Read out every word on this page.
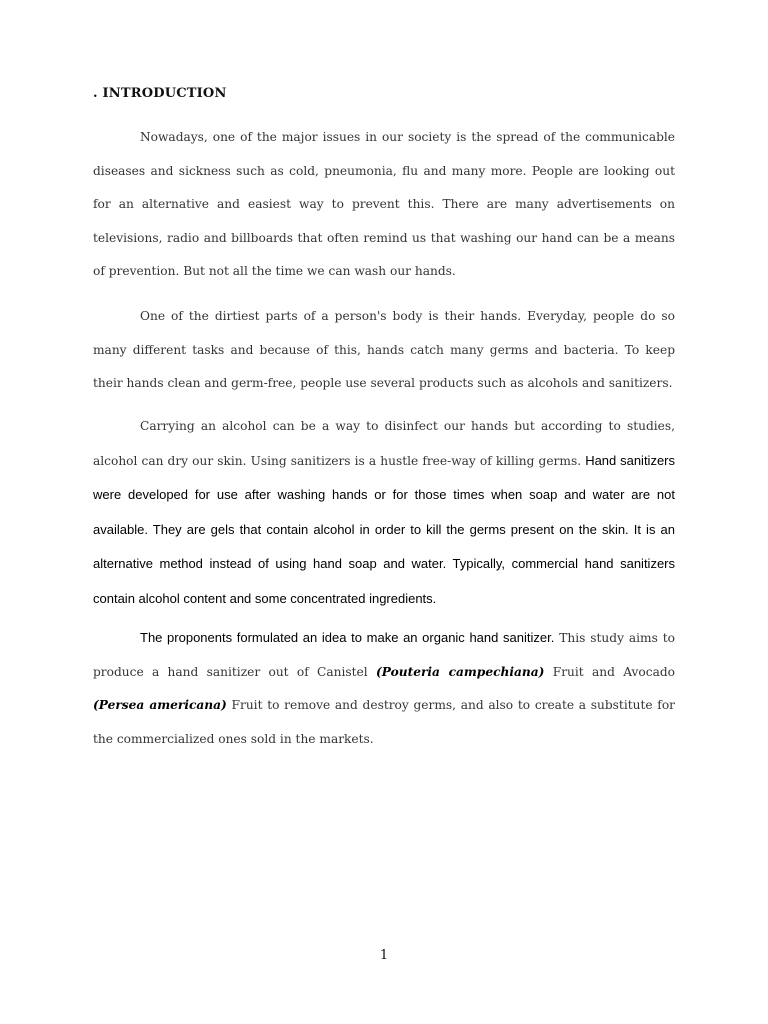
. INTRODUCTION

Nowadays, one of the major issues in our society is the spread of the communicable diseases and sickness such as cold, pneumonia, flu and many more. People are looking out for an alternative and easiest way to prevent this. There are many advertisements on televisions, radio and billboards that often remind us that washing our hand can be a means of prevention. But not all the time we can wash our hands.

One of the dirtiest parts of a person's body is their hands. Everyday, people do so many different tasks and because of this, hands catch many germs and bacteria. To keep their hands clean and germ-free, people use several products such as alcohols and sanitizers.

Carrying an alcohol can be a way to disinfect our hands but according to studies, alcohol can dry our skin. Using sanitizers is a hustle free-way of killing germs. Hand sanitizers were developed for use after washing hands or for those times when soap and water are not available. They are gels that contain alcohol in order to kill the germs present on the skin. It is an alternative method instead of using hand soap and water. Typically, commercial hand sanitizers contain alcohol content and some concentrated ingredients.

The proponents formulated an idea to make an organic hand sanitizer. This study aims to produce a hand sanitizer out of Canistel (Pouteria campechiana) Fruit and Avocado (Persea americana) Fruit to remove and destroy germs, and also to create a substitute for the commercialized ones sold in the markets.

1
